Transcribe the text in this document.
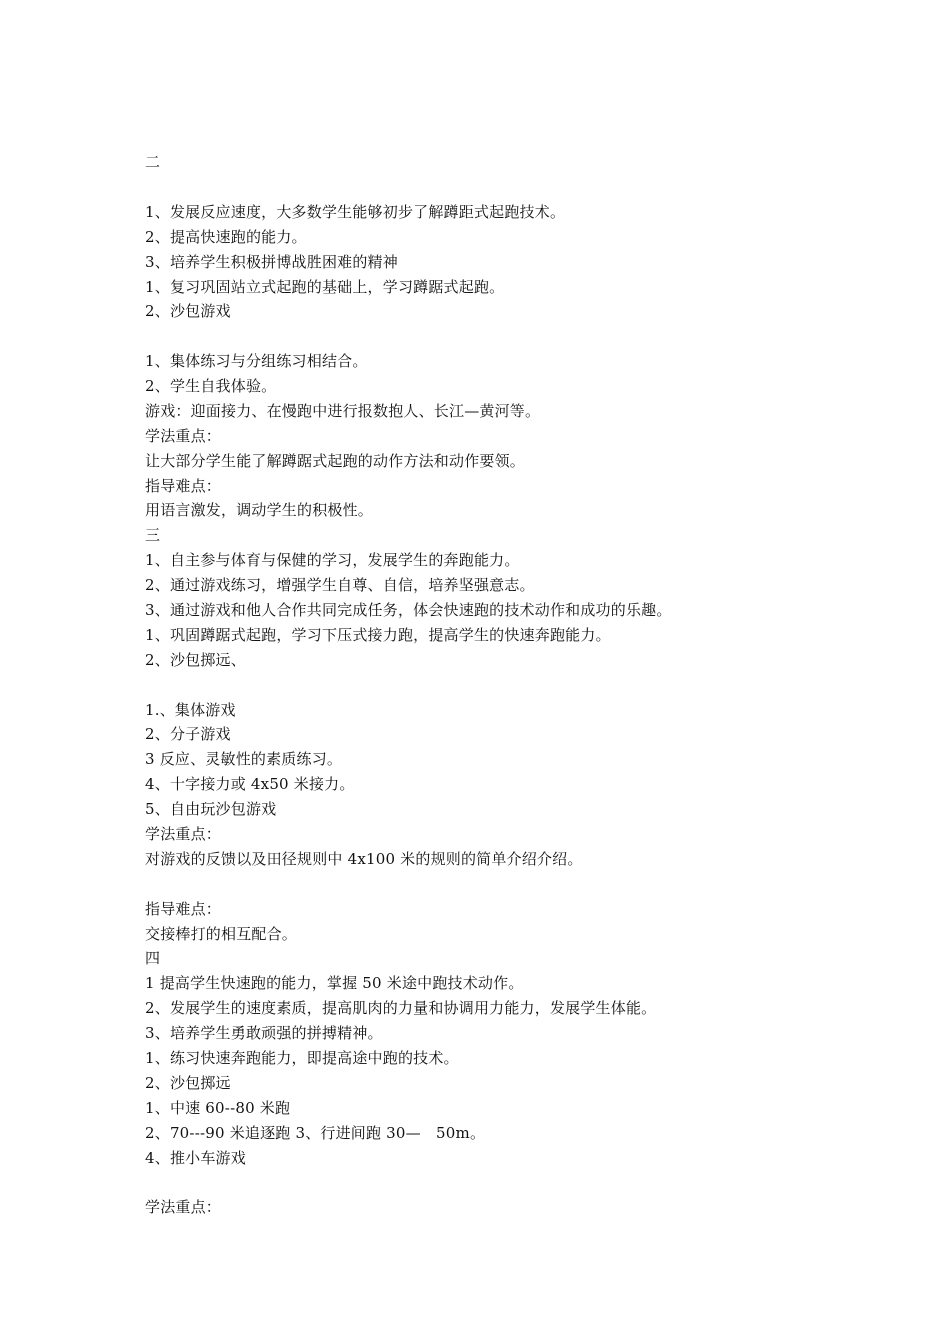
二
1、发展反应速度，大多数学生能够初步了解蹲距式起跑技术。
2、提高快速跑的能力。
3、培养学生积极拼博战胜困难的精神
1、复习巩固站立式起跑的基础上，学习蹲踞式起跑。
2、沙包游戏
1、集体练习与分组练习相结合。
2、学生自我体验。
游戏：迎面接力、在慢跑中进行报数抱人、长江—黄河等。
学法重点：
让大部分学生能了解蹲踞式起跑的动作方法和动作要领。
指导难点：
用语言激发，调动学生的积极性。
三
1、自主参与体育与保健的学习，发展学生的奔跑能力。
2、通过游戏练习，增强学生自尊、自信，培养坚强意志。
3、通过游戏和他人合作共同完成任务，体会快速跑的技术动作和成功的乐趣。
1、巩固蹲踞式起跑，学习下压式接力跑，提高学生的快速奔跑能力。
2、沙包掷远、
1.、集体游戏
2、分子游戏
3 反应、灵敏性的素质练习。
4、十字接力或 4x50 米接力。
5、自由玩沙包游戏
学法重点：
对游戏的反馈以及田径规则中 4x100 米的规则的简单介绍介绍。
指导难点：
交接棒打的相互配合。
四
1 提高学生快速跑的能力，掌握 50 米途中跑技术动作。
2、发展学生的速度素质，提高肌肉的力量和协调用力能力，发展学生体能。
3、培养学生勇敢顽强的拼搏精神。
1、练习快速奔跑能力，即提高途中跑的技术。
2、沙包掷远
1、中速 60--80 米跑
2、70---90 米追逐跑 3、行进间跑 30—　50m。
4、推小车游戏
学法重点：
